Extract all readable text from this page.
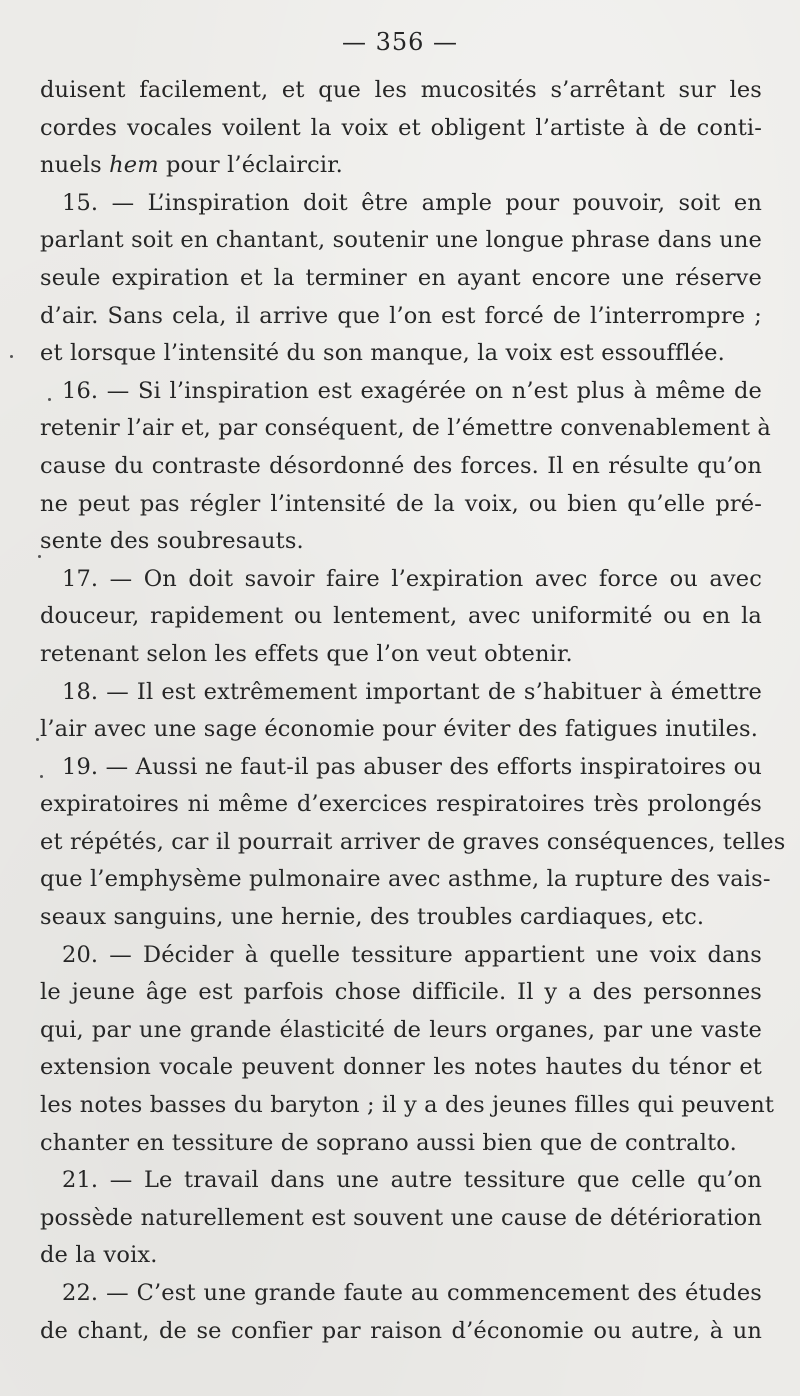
— 356 —
duisent facilement, et que les mucosités s’arrêtant sur les
cordes vocales voilent la voix et obligent l’artiste à de conti-
nuels hem pour l’éclaircir.
15. — L’inspiration doit être ample pour pouvoir, soit en
parlant soit en chantant, soutenir une longue phrase dans une
seule expiration et la terminer en ayant encore une réserve
d’air. Sans cela, il arrive que l’on est forcé de l’interrompre ;
et lorsque l’intensité du son manque, la voix est essoufflée.
16. — Si l’inspiration est exagérée on n’est plus à même de
retenir l’air et, par conséquent, de l’émettre convenablement à
cause du contraste désordonné des forces. Il en résulte qu’on
ne peut pas régler l’intensité de la voix, ou bien qu’elle pré-
sente des soubresauts.
17. — On doit savoir faire l’expiration avec force ou avec
douceur, rapidement ou lentement, avec uniformité ou en la
retenant selon les effets que l’on veut obtenir.
18. — Il est extrêmement important de s’habituer à émettre
l’air avec une sage économie pour éviter des fatigues inutiles.
19. — Aussi ne faut-il pas abuser des efforts inspiratoires ou
expiratoires ni même d’exercices respiratoires très prolongés
et répétés, car il pourrait arriver de graves conséquences, telles
que l’emphysème pulmonaire avec asthme, la rupture des vais-
seaux sanguins, une hernie, des troubles cardiaques, etc.
20. — Décider à quelle tessiture appartient une voix dans
le jeune âge est parfois chose difficile. Il y a des personnes
qui, par une grande élasticité de leurs organes, par une vaste
extension vocale peuvent donner les notes hautes du ténor et
les notes basses du baryton ; il y a des jeunes filles qui peuvent
chanter en tessiture de soprano aussi bien que de contralto.
21. — Le travail dans une autre tessiture que celle qu’on
possède naturellement est souvent une cause de détérioration
de la voix.
22. — C’est une grande faute au commencement des études
de chant, de se confier par raison d’économie ou autre, à un
